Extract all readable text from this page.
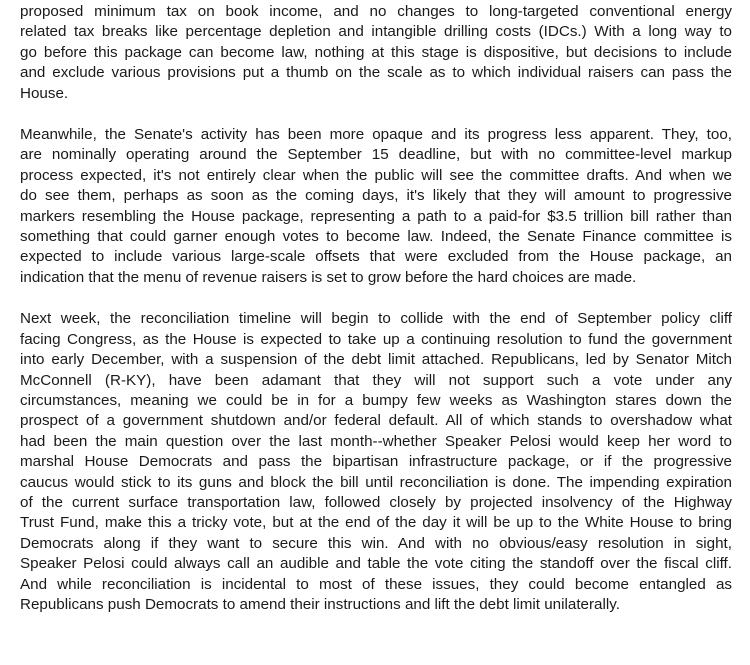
proposed minimum tax on book income, and no changes to long-targeted conventional energy
related tax breaks like percentage depletion and intangible drilling costs (IDCs.) With a long way to
go before this package can become law, nothing at this stage is dispositive, but decisions to include
and exclude various provisions put a thumb on the scale as to which individual raisers can pass the
House.
Meanwhile, the Senate's activity has been more opaque and its progress less apparent. They, too,
are nominally operating around the September 15 deadline, but with no committee-level markup
process expected, it's not entirely clear when the public will see the committee drafts. And when we
do see them, perhaps as soon as the coming days, it's likely that they will amount to progressive
markers resembling the House package, representing a path to a paid-for $3.5 trillion bill rather than
something that could garner enough votes to become law. Indeed, the Senate Finance committee is
expected to include various large-scale offsets that were excluded from the House package, an
indication that the menu of revenue raisers is set to grow before the hard choices are made.
Next week, the reconciliation timeline will begin to collide with the end of September policy cliff
facing Congress, as the House is expected to take up a continuing resolution to fund the government
into early December, with a suspension of the debt limit attached. Republicans, led by Senator Mitch
McConnell (R-KY), have been adamant that they will not support such a vote under any
circumstances, meaning we could be in for a bumpy few weeks as Washington stares down the
prospect of a government shutdown and/or federal default. All of which stands to overshadow what
had been the main question over the last month--whether Speaker Pelosi would keep her word to
marshal House Democrats and pass the bipartisan infrastructure package, or if the progressive
caucus would stick to its guns and block the bill until reconciliation is done. The impending expiration
of the current surface transportation law, followed closely by projected insolvency of the Highway
Trust Fund, make this a tricky vote, but at the end of the day it will be up to the White House to bring
Democrats along if they want to secure this win. And with no obvious/easy resolution in sight,
Speaker Pelosi could always call an audible and table the vote citing the standoff over the fiscal cliff.
And while reconciliation is incidental to most of these issues, they could become entangled as
Republicans push Democrats to amend their instructions and lift the debt limit unilaterally.
